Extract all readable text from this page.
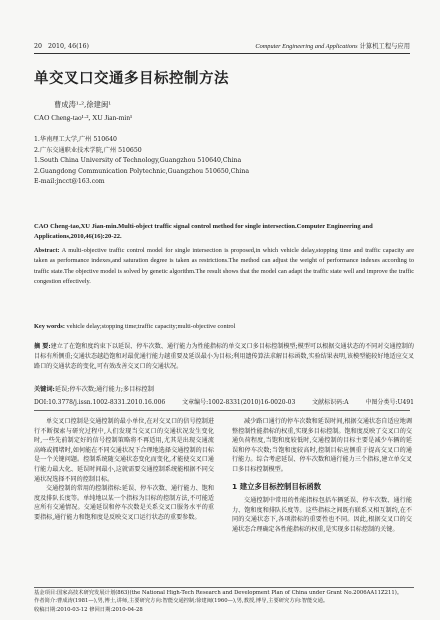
20 2010, 46(16)	Computer Engineering and Applications 计算机工程与应用
单交叉口交通多目标控制方法
曹成涛¹·²,徐建闽¹
CAO Cheng-tao¹·², XU Jian-min¹
1.华南理工大学,广州 510640
2.广东交通职业技术学院,广州 510650
1.South China University of Technology,Guangzhou 510640,China
2.Guangdong Communication Polytechnic,Guangzhou 510650,China
E-mail:jncct@163.com
CAO Cheng-tao,XU Jian-min.Multi-object traffic signal control method for single intersection.Computer Engineering and Applications,2010,46(16):20-22.
Abstract: A multi-objective traffic control model for single intersection is proposed,in which vehicle delay,stopping time and traffic capacity are taken as performance indexes,and saturation degree is taken as restrictions.The method can adjust the weight of performance indexes according to traffic state.The objective model is solved by genetic algorithm.The result shows that the model can adapt the traffic state well and improve the traffic congestion effectively.
Key words: vehicle delay;stopping time;traffic capacity;multi-objective control
摘 要:建立了在饱和度约束下以延误、停车次数、通行能力为性能指标的单交叉口多目标控制模型;模型可以根据交通状态的不同对交通控制的目标有所侧重;交通状态越趋饱和对最优通行能力越重要及延误最小为目标;利用遗传算法求解目标函数,实验结果表明,该模型能较好地适应交叉路口的交通状态的变化,可有效改善交叉口的交通状况。
关键词:延误;停车次数;通行能力;多目标控制
DOI:10.3778/j.issn.1002-8331.2010.16.006	文章编号:1002-8331(2010)16-0020-03	文献标识码:A	中图分类号:U491

单交叉口控制是交通控制的最小单位,在对交叉口的信号控制进行不断探索与研究过程中,人们发现当交叉口的交通状况发生变化时,一些先前制定好的信号控制策略将不再适用,尤其是出现交通流高峰或拥堵时,如何能在不同交通状况下合理地选择交通控制的目标是一个关键问题。控制系统随交通状态变化而变化,才能使交叉口通行能力最大化、延误时间最小,这就需要交通控制系统能根据不同交通状况选择不同的控制目标。

交通控制的常用的控制指标:延误、停车次数、通行能力、饱和度及排队长度等。单纯地以某一个指标为目标的控制方法,不可能适应所有交通情况。交通延误和停车次数是关系交叉口服务水平的重要指标,通行能力和饱和度是反映交叉口运行状态的重要参数。

减少路口通行的停车次数和延误时间,根据交通状态自适应地调整控制性能指标的权重,实现多目标控制。饱和度反映了交叉口的交通负荷程度,当饱和度较低时,交通控制的目标主要是减少车辆的延误和停车次数;当饱和度较高时,控制目标应侧重于提高交叉口的通行能力。综合考虑延误、停车次数和通行能力三个指标,建立单交叉口多目标控制模型。

1 建立多目标控制目标函数

交通控制中常用的性能指标包括车辆延误、停车次数、通行能力、饱和度和排队长度等。这些指标之间既有联系又相互制约,在不同的交通状态下,各项指标的重要性也不同。因此,根据交叉口的交通状态合理确定各性能指标的权重,是实现多目标控制的关键。

基金项目:国家高技术研究发展计划(863)(the National High-Tech Research and Development Plan of China under Grant No.2006AA11Z211)。
作者简介:曹成涛(1981—),男,博士,讲师,主要研究方向:智能交通控制;徐建闽(1960—),男,教授,博导,主要研究方向:智能交通。
收稿日期:2010-03-12 修回日期:2010-04-28
